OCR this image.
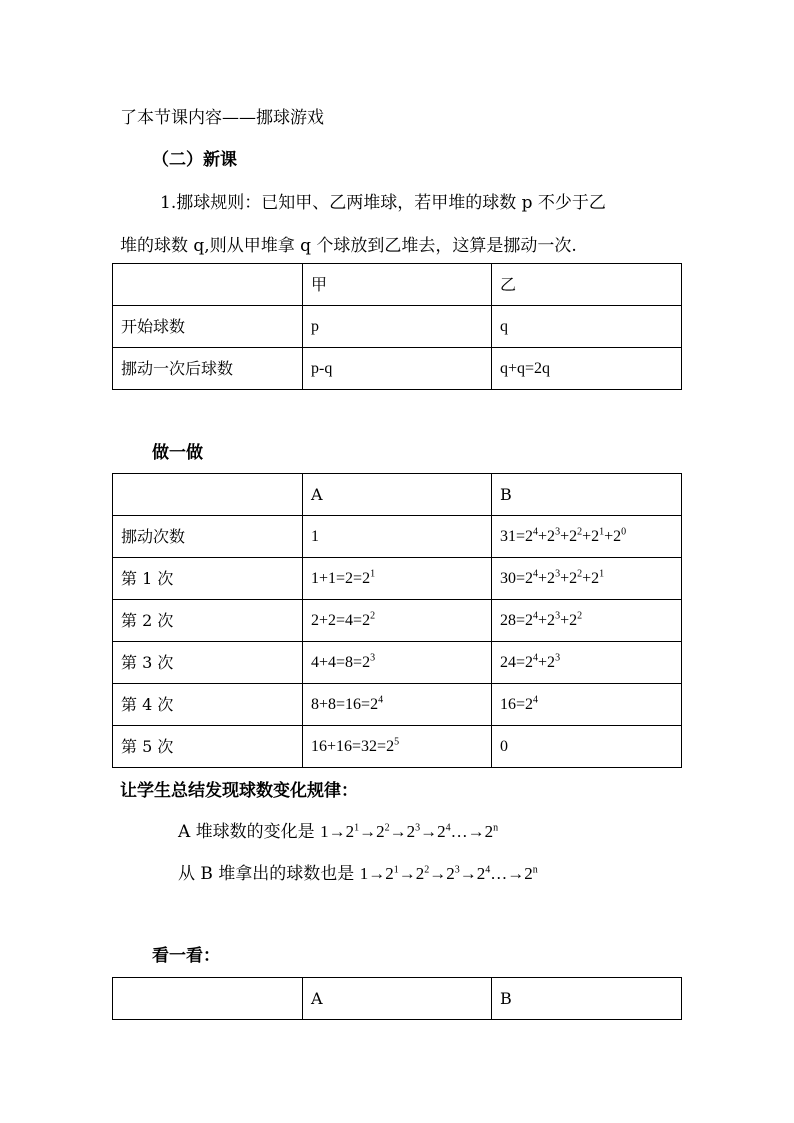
了本节课内容——挪球游戏
（二）新课
1.挪球规则：已知甲、乙两堆球，若甲堆的球数 p 不少于乙
堆的球数 q,则从甲堆拿 q 个球放到乙堆去，这算是挪动一次.
	甲	乙
开始球数	p	q
挪动一次后球数	p-q	q+q=2q
做一做
	A	B
挪动次数	1	$31=2^4+2^3+2^2+2^1+2^0$
第 1 次	$1+1=2=2^1$	$30=2^4+2^3+2^2+2^1$
第 2 次	$2+2=4=2^2$	$28=2^4+2^3+2^2$
第 3 次	$4+4=8=2^3$	$24=2^4+2^3$
第 4 次	$8+8=16=2^4$	$16=2^4$
第 5 次	$16+16=32=2^5$	0
让学生总结发现球数变化规律：
A 堆球数的变化是 $1\to 2^1\to 2^2\to 2^3\to 2^4\dots\to 2^n$
从 B 堆拿出的球数也是 $1\to 2^1\to 2^2\to 2^3\to 2^4\dots\to 2^n$
看一看：
	A	B
